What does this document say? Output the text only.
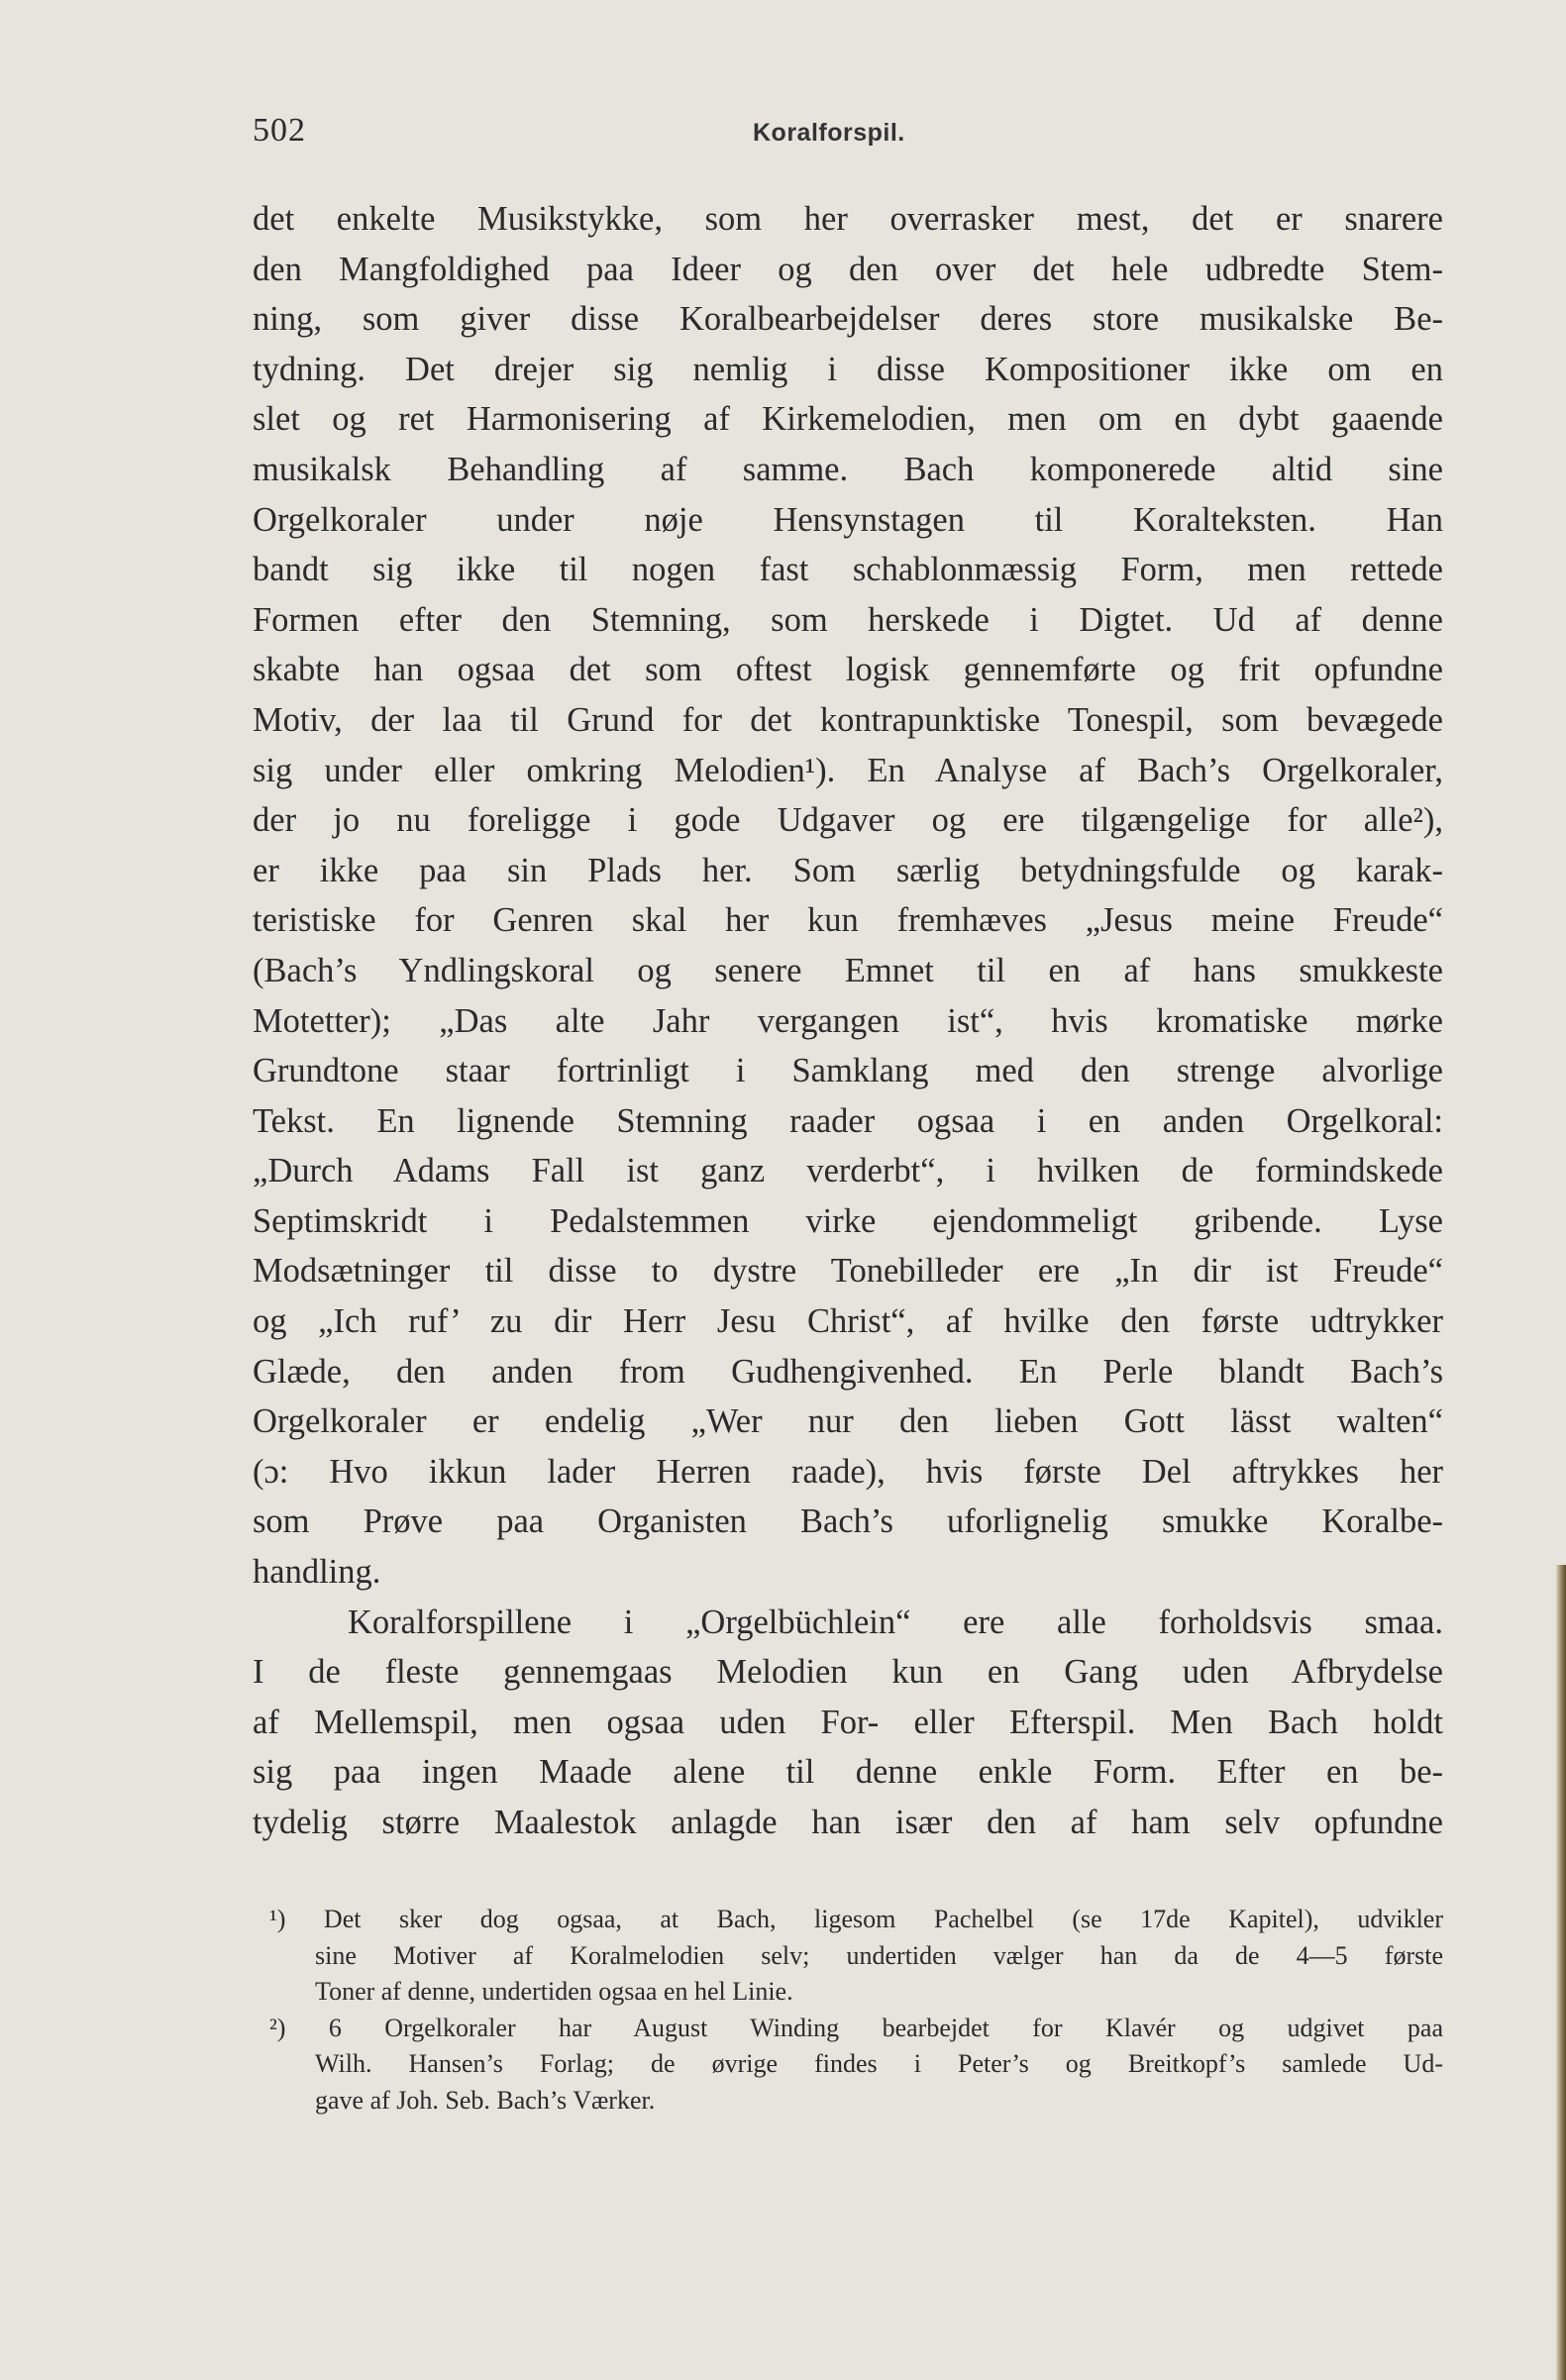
502	Koralforspil.
det enkelte Musikstykke, som her overrasker mest, det er snarere
den Mangfoldighed paa Ideer og den over det hele udbredte Stem-
ning, som giver disse Koralbearbejdelser deres store musikalske Be-
tydning. Det drejer sig nemlig i disse Kompositioner ikke om en
slet og ret Harmonisering af Kirkemelodien, men om en dybt gaaende
musikalsk Behandling af samme. Bach komponerede altid sine
Orgelkoraler under nøje Hensynstagen til Koralteksten. Han
bandt sig ikke til nogen fast schablonmæssig Form, men rettede
Formen efter den Stemning, som herskede i Digtet. Ud af denne
skabte han ogsaa det som oftest logisk gennemførte og frit opfundne
Motiv, der laa til Grund for det kontrapunktiske Tonespil, som bevægede
sig under eller omkring Melodien¹). En Analyse af Bach’s Orgelkoraler,
der jo nu foreligge i gode Udgaver og ere tilgængelige for alle²),
er ikke paa sin Plads her. Som særlig betydningsfulde og karak-
teristiske for Genren skal her kun fremhæves „Jesus meine Freude“
(Bach’s Yndlingskoral og senere Emnet til en af hans smukkeste
Motetter); „Das alte Jahr vergangen ist“, hvis kromatiske mørke
Grundtone staar fortrinligt i Samklang med den strenge alvorlige
Tekst. En lignende Stemning raader ogsaa i en anden Orgelkoral:
„Durch Adams Fall ist ganz verderbt“, i hvilken de formindskede
Septimskridt i Pedalstemmen virke ejendommeligt gribende. Lyse
Modsætninger til disse to dystre Tonebilleder ere „In dir ist Freude“
og „Ich ruf’ zu dir Herr Jesu Christ“, af hvilke den første udtrykker
Glæde, den anden from Gudhengivenhed. En Perle blandt Bach’s
Orgelkoraler er endelig „Wer nur den lieben Gott lässt walten“
(ɔ: Hvo ikkun lader Herren raade), hvis første Del aftrykkes her
som Prøve paa Organisten Bach’s uforlignelig smukke Koralbe-
handling.
Koralforspillene i „Orgelbüchlein“ ere alle forholdsvis smaa.
I de fleste gennemgaas Melodien kun en Gang uden Afbrydelse
af Mellemspil, men ogsaa uden For- eller Efterspil. Men Bach holdt
sig paa ingen Maade alene til denne enkle Form. Efter en be-
tydelig større Maalestok anlagde han især den af ham selv opfundne
¹) Det sker dog ogsaa, at Bach, ligesom Pachelbel (se 17de Kapitel), udvikler
sine Motiver af Koralmelodien selv; undertiden vælger han da de 4—5 første
Toner af denne, undertiden ogsaa en hel Linie.
²) 6 Orgelkoraler har August Winding bearbejdet for Klavér og udgivet paa
Wilh. Hansen’s Forlag; de øvrige findes i Peter’s og Breitkopf’s samlede Ud-
gave af Joh. Seb. Bach’s Værker.
